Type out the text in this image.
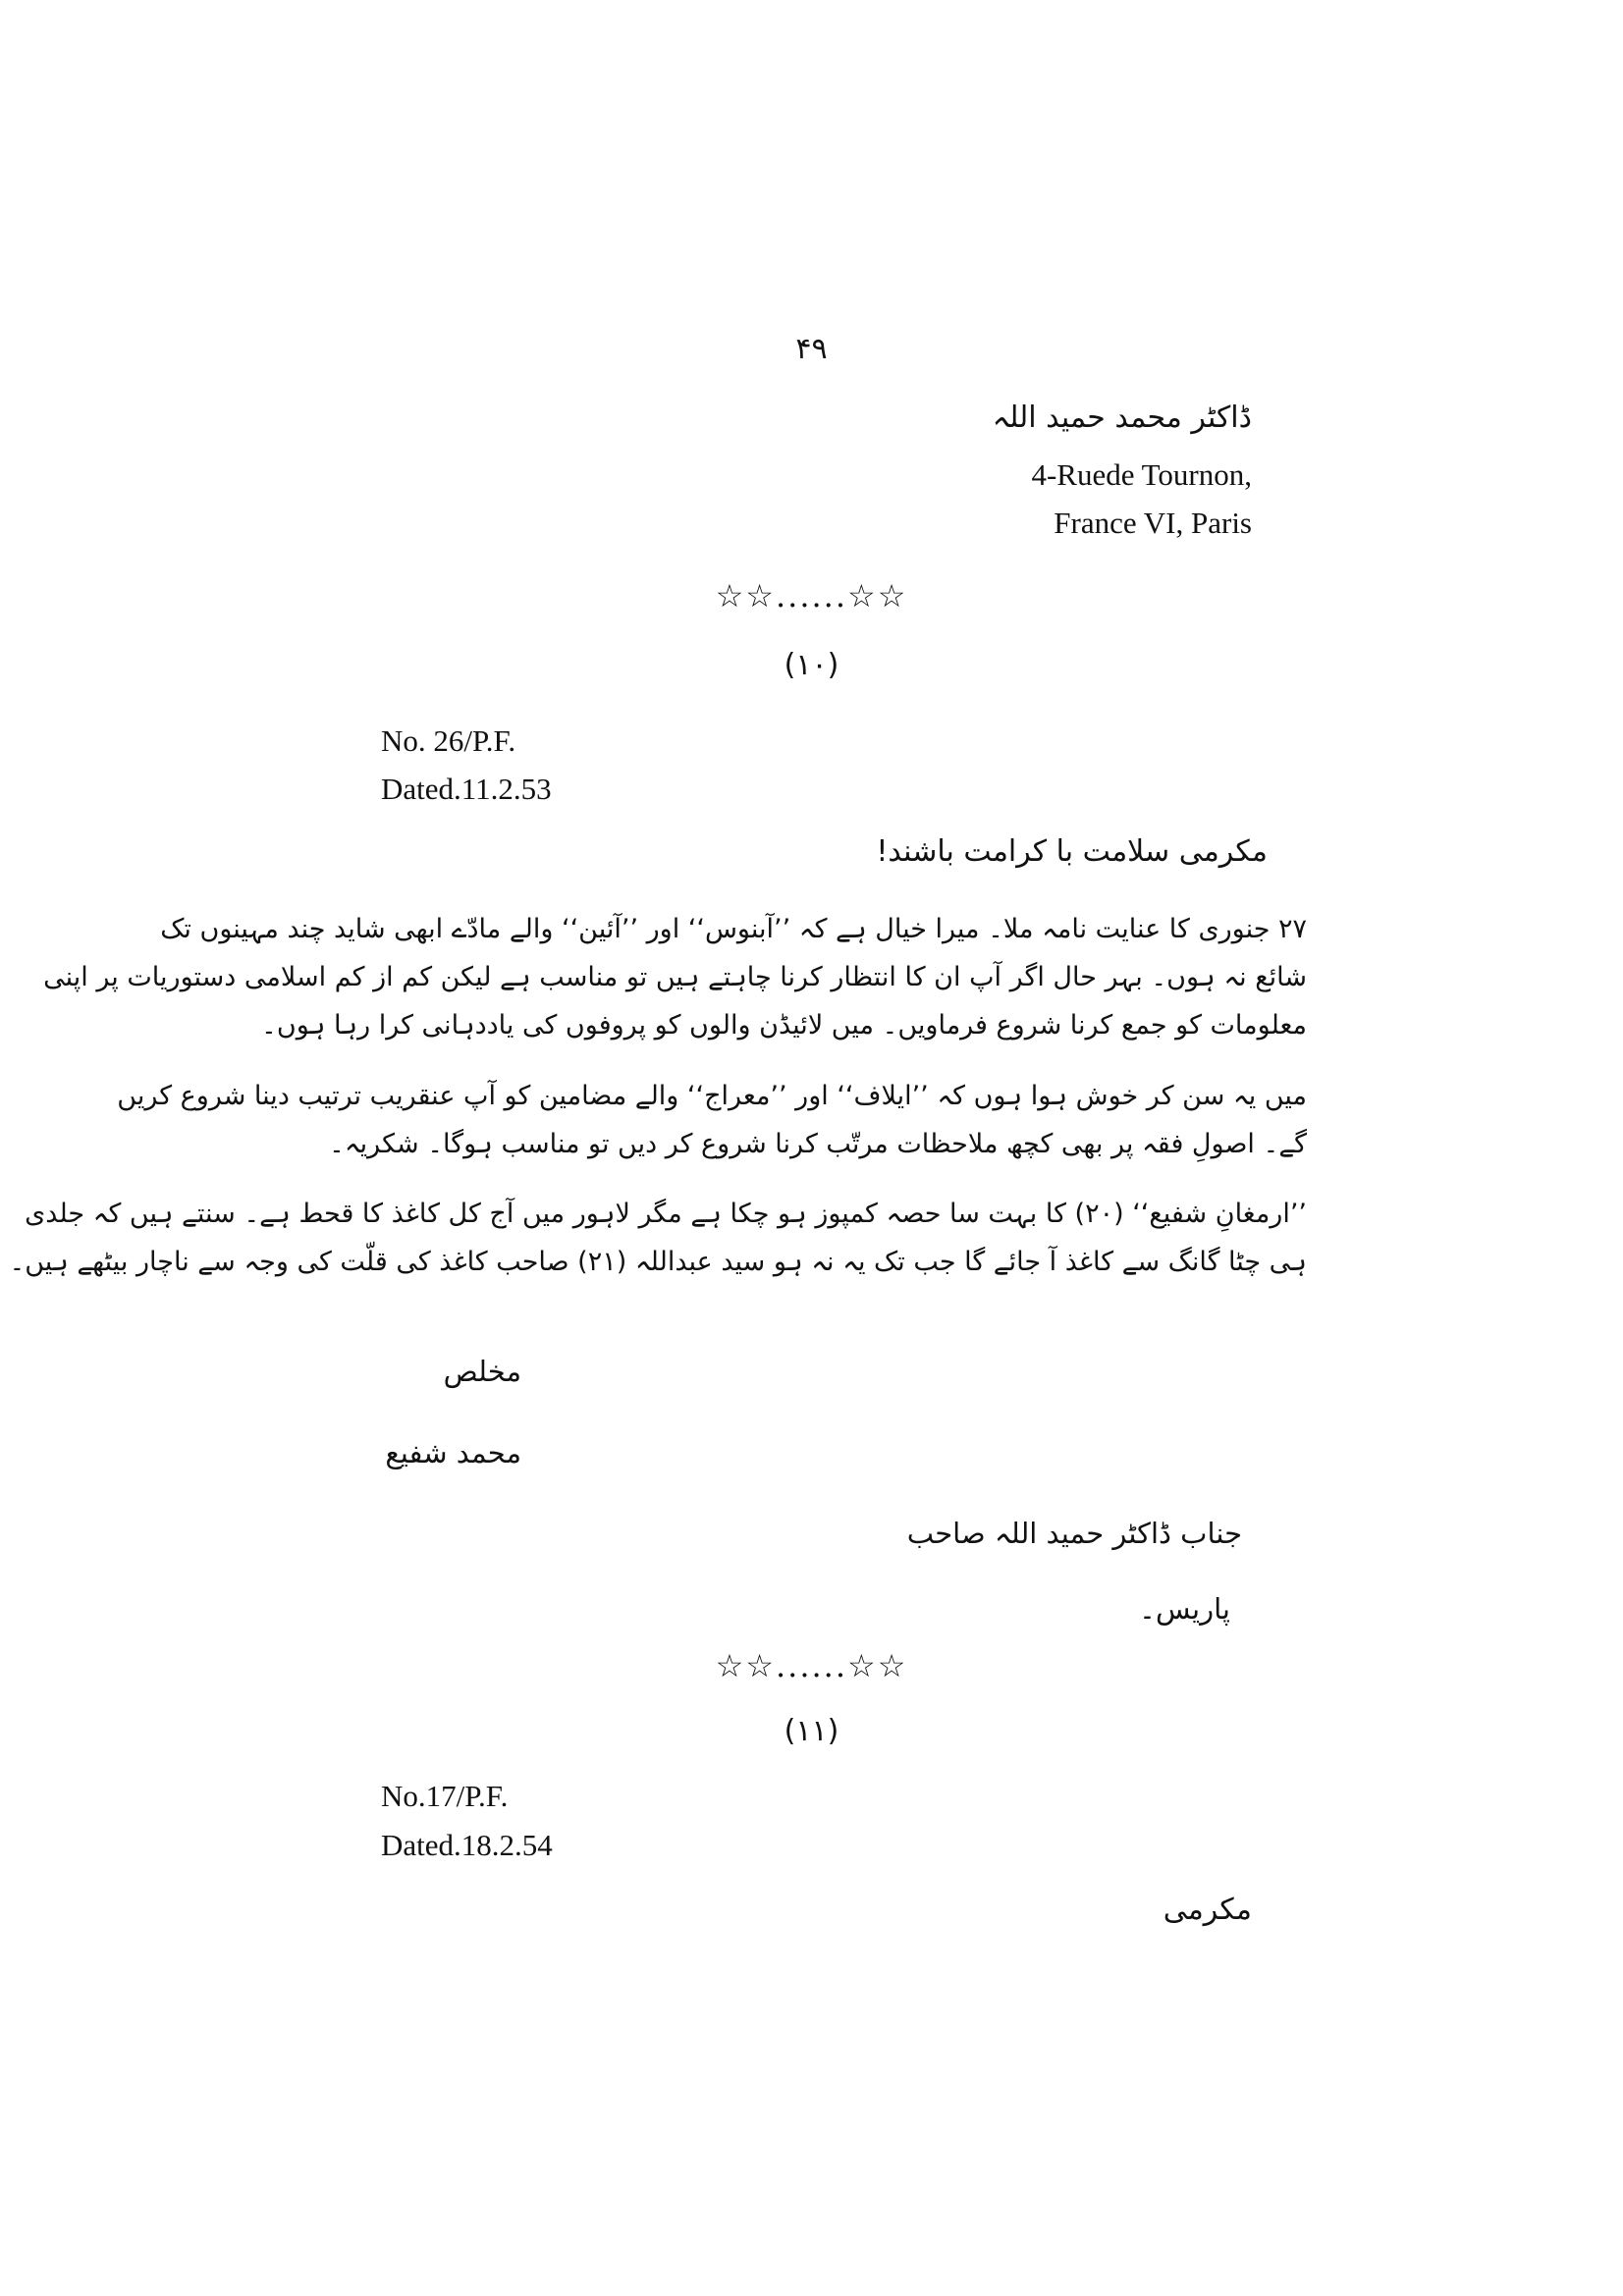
۴۹
ڈاکٹر محمد حمید اللہ
4-Ruede Tournon,
France VI, Paris
☆☆......☆☆
(۱۰)
No. 26/P.F.
Dated.11.2.53
مکرمی سلامت با کرامت باشند!
۲۷ جنوری کا عنایت نامہ ملا۔ میرا خیال ہے کہ ’’آبنوس‘‘ اور ’’آئین‘‘ والے مادّے ابھی شاید چند مہینوں تک
شائع نہ ہوں۔ بہر حال اگر آپ ان کا انتظار کرنا چاہتے ہیں تو مناسب ہے لیکن کم از کم اسلامی دستوریات پر اپنی
معلومات کو جمع کرنا شروع فرماویں۔ میں لائیڈن والوں کو پروفوں کی یاددہانی کرا رہا ہوں۔
میں یہ سن کر خوش ہوا ہوں کہ ’’ایلاف‘‘ اور ’’معراج‘‘ والے مضامین کو آپ عنقریب ترتیب دینا شروع کریں
گے۔ اصولِ فقہ پر بھی کچھ ملاحظات مرتّب کرنا شروع کر دیں تو مناسب ہوگا۔ شکریہ۔
’’ارمغانِ شفیع‘‘ (۲۰) کا بہت سا حصہ کمپوز ہو چکا ہے مگر لاہور میں آج کل کاغذ کا قحط ہے۔ سنتے ہیں کہ جلدی
ہی چٹا گانگ سے کاغذ آ جائے گا جب تک یہ نہ ہو سید عبداللہ (۲۱) صاحب کاغذ کی قلّت کی وجہ سے ناچار بیٹھے ہیں۔
مخلص
محمد شفیع
جناب ڈاکٹر حمید اللہ صاحب
پاریس۔
☆☆......☆☆
(۱۱)
No.17/P.F.
Dated.18.2.54
مکرمی
